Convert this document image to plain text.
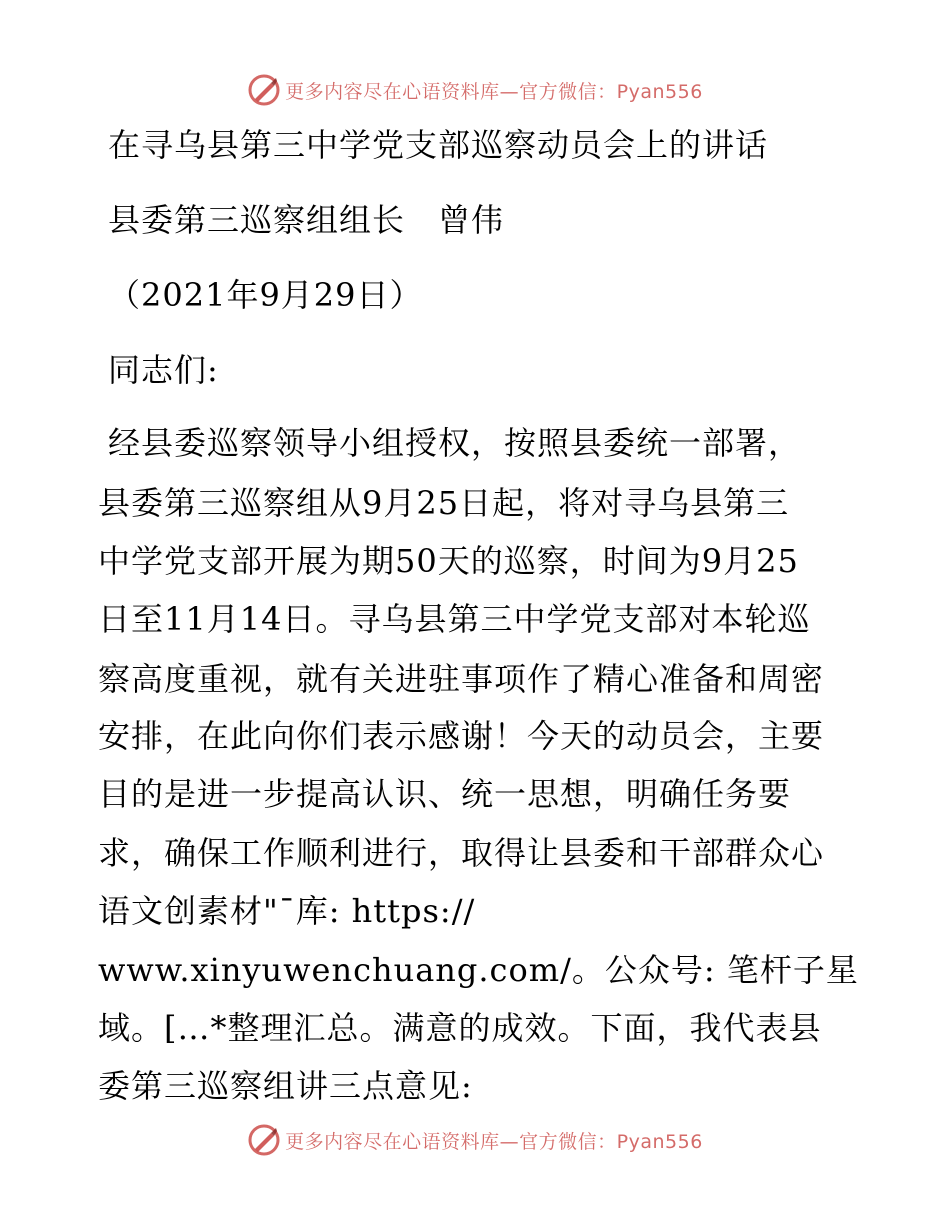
更多内容尽在心语资料库—官方微信：Pyan556
在寻乌县第三中学党支部巡察动员会上的讲话
县委第三巡察组组长　曾伟
（2021年9月29日）
同志们:
经县委巡察领导小组授权，按照县委统一部署，
县委第三巡察组从9月25日起，将对寻乌县第三
中学党支部开展为期50天的巡察，时间为9月25
日至11月14日。寻乌县第三中学党支部对本轮巡
察高度重视，就有关进驻事项作了精心准备和周密
安排，在此向你们表示感谢！今天的动员会，主要
目的是进一步提高认识、统一思想，明确任务要
求，确保工作顺利进行，取得让县委和干部群众心
语文创素材"¯库: https://
www.xinyuwenchuang.com/。公众号: 笔杆子星
域。[…*整理汇总。满意的成效。下面，我代表县
委第三巡察组讲三点意见:
更多内容尽在心语资料库—官方微信：Pyan556
